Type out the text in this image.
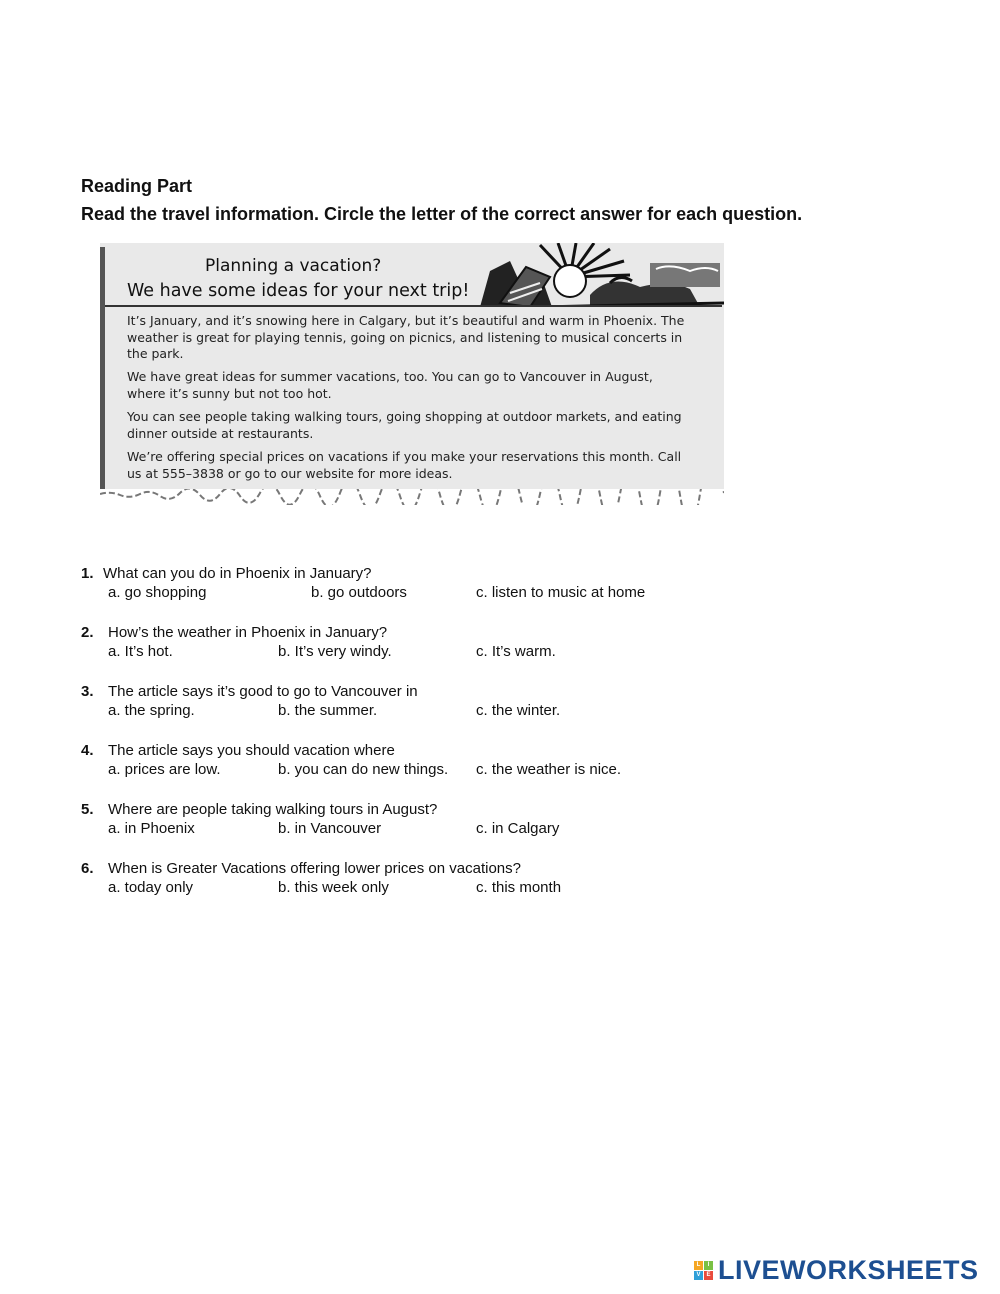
Reading Part
Read the travel information. Circle the letter of the correct answer for each question.
Planning a vacation?
We have some ideas for your next trip!
It’s January, and it’s snowing here in Calgary, but it’s beautiful and warm in Phoenix. The weather is great for playing tennis, going on picnics, and listening to musical concerts in the park.
We have great ideas for summer vacations, too. You can go to Vancouver in August, where it’s sunny but not too hot.
You can see people taking walking tours, going shopping at outdoor markets, and eating dinner outside at restaurants.
We’re offering special prices on vacations if you make your reservations this month. Call us at 555–3838 or go to our website for more ideas.
1. What can you do in Phoenix in January?
a. go shopping	b. go outdoors	c. listen to music at home
2. How’s the weather in Phoenix in January?
a. It’s hot.	b. It’s very windy.	c. It’s warm.
3. The article says it’s good to go to Vancouver in
a. the spring.	b. the summer.	c. the winter.
4. The article says you should vacation where
a. prices are low.	b. you can do new things. c. the weather is nice.
5. Where are people taking walking tours in August?
a. in Phoenix	b. in Vancouver	c. in Calgary
6. When is Greater Vacations offering lower prices on vacations?
a. today only	b. this week only	c. this month
L	I
V E LIVEWORKSHEETS
